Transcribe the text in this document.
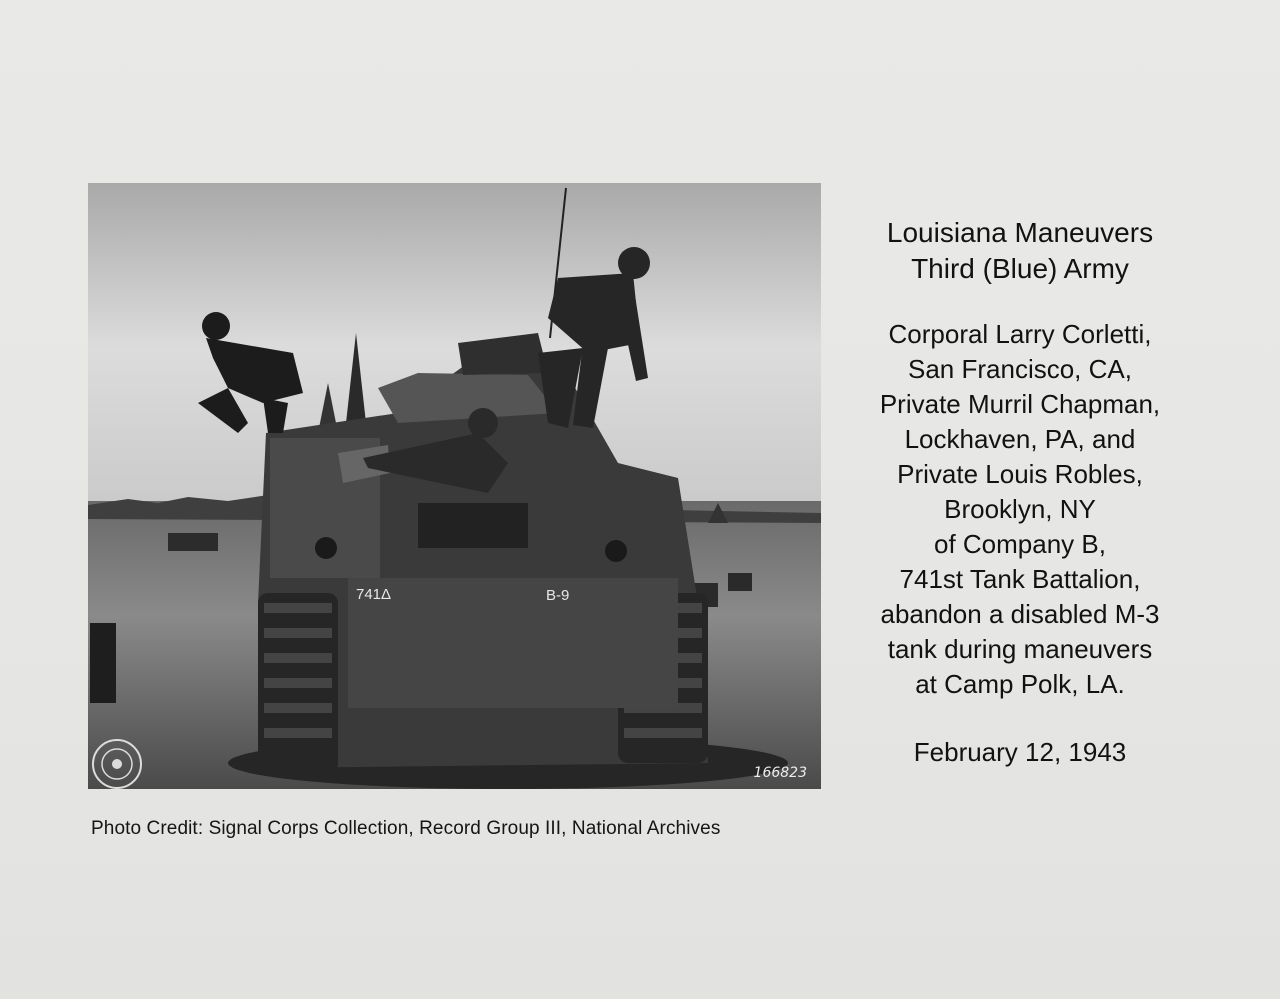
741Δ	B-9
166823
Photo Credit: Signal Corps Collection, Record Group III, National Archives
Louisiana Maneuvers
Third (Blue) Army
Corporal Larry Corletti,
San Francisco, CA,
Private Murril Chapman,
Lockhaven, PA, and
Private Louis Robles,
Brooklyn, NY
of Company B,
741st Tank Battalion,
abandon a disabled M-3
tank during maneuvers
at Camp Polk, LA.
February 12, 1943
